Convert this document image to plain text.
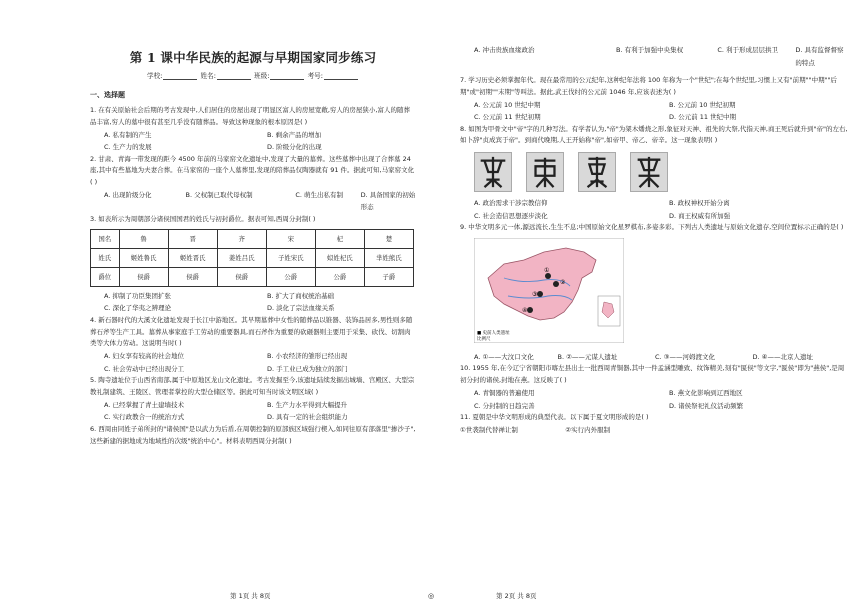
第 1 课中华民族的起源与早期国家同步练习
学校:	姓名:	班级:	考号:
一、选择题

1. 在有关原始社会后期的考古发现中,人们居住的房屋出现了明显区富人的房屋宽敞,穷人的房屋狭小,富人的随葬品丰富,穷人的墓中很有甚至几乎没有随葬品。导致这种现象的根本原因是( )

A. 私有制的产生	B. 剩余产品的增加
C. 生产力的发展	D. 阶级分化的出现

2. 甘肃、青海一带发现的距今 4500 年前的马家窑文化遗址中,发现了大量的墓葬。这些墓葬中出现了合葬墓 24 座,其中有些墓地为夫妻合葬。在马家窑的一座个人墓葬里,发现的陪葬品仅陶器就有 91 件。据此可知,马家窑文化( )

A. 出现阶级分化	B. 父权制已取代母权制	C. 萌生出私有制	D. 具备国家的初始形态

3. 如表所示为周朝部分诸侯国国君的姓氏与初封爵位。据表可知,西周分封制( )

国名	鲁	晋	齐	宋	杞	楚
姓氏	姬姓鲁氏	姬姓晋氏	姜姓吕氏	子姓宋氏	姒姓杞氏	芈姓熊氏
爵位	侯爵	侯爵	侯爵	公爵	公爵	子爵
A. 抑制了功臣集团扩张	B. 扩大了商权统治基础
C. 深化了华夷之辨理论	D. 淡化了宗法血缘关系

4. 新石器时代的大溪文化遗址发现于长江中游地区。其早期墓葬中女性的随葬品以锥器、装饰品居多,男性则多随葬石斧等生产工具。墓葬从事家庭手工劳动的重要器具,而石斧作为重要的砍砸器则主要用于采集、砍伐、切割肉类等大体力劳动。这说明当时( )

A. 妇女享有较高的社会地位	B. 小农经济的雏形已经出现
C. 社会劳动中已经出现分工	D. 手工业已成为独立的部门

5. 陶寺遗址位于山西省南部,属于中原地区龙山文化遗址。考古发掘至今,该遗址陆续发掘出城墙、宫殿区、大型宗教礼制建筑、王陵区、管理者掌控的大型仓储区等。据此可知当时该文明区域( )

A. 已经掌握了青土建墙技术	B. 生产力水平得到大幅提升
C. 实行政教合一的统治方式	D. 具有一定的社会组织能力

6. 西周由同姓子弟所封的"诸侯国"是以武力为后盾,在周朝控制的原部族区域强行楔入,如同往原有部落里"掺沙子",这些新建的据地成为地域性的次级"统治中心"。材料表明西周分封制( )

第 1页 共 8页	◎
A. 冲击贵族血缘政治	B. 有利于加强中央集权	C. 利于形成层层拱卫	D. 具有监督督察的特点

7. 学习历史必须掌握年代。现在最常用的公元纪年,这种纪年法将 100 年称为一个"世纪";在每个世纪里,习惯上又有"前期""中期""后期"或"初期""末期"等叫法。据此,武王伐纣的公元前 1046 年,应该表述为( )

A. 公元前 10 世纪中期	B. 公元前 10 世纪初期
C. 公元前 11 世纪初期	D. 公元前 11 世纪中期

8. 如图为甲骨文中"帝"字的几种写法。有学者认为,"帝"为架木燔烧之形,象征对天神、祖先的大祭,代指天神,商王死后就升到"帝"的左右,如卜辞"贞成宾于帝"。到商代晚期,人王开始称"帝",如帝甲、帝乙、帝辛。这一现象表明( )

A. 政治需求干涉宗教信仰	B. 政权神权开始分离
C. 社会造信思想逐步淡化	D. 商王权威有所加强

9. 中华文明多元一体,源远流长,生生不息;中国原始文化星罗棋布,多姿多彩。下列古人类遗址与原始文化遗存,空间位置标示正确的是( )

①
②
③
④
■ 史前人类遗址
比例尺
A. ①——大汶口文化	B. ②——元谋人遗址	C. ③——河姆渡文化	D. ④——北京人遗址

10. 1955 年,在今辽宁省朝阳市喀左县出土一批西周青铜器,其中一件孟涵型雕致、纹饰精美,刻有"匽侯"等文字,"匽侯"即为"燕侯",是周初分封的诸侯,封地在燕。这反映了( )

A. 青铜器的普遍使用	B. 燕文化影响到辽西地区
C. 分封制的日趋完善	D. 诸侯祭祀礼仪活动频繁

11. 夏朝是中华文明形成的典型代表。以下属于夏文明形成的是( )

①世袭制代替禅让制	②实行内外服制
第 2页 共 8页
